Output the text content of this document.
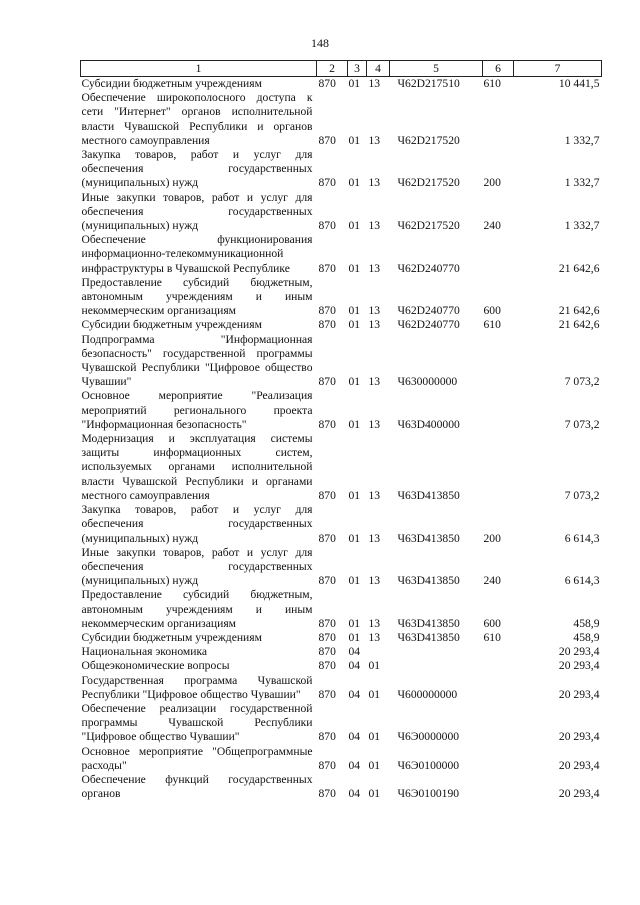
148
1	2	3	4	5	6	7
Субсидии бюджетным учреждениям	870	01	13	Ч62D217510	610	10 441,5
Обеспечение широкополосного доступа к сети "Интернет" органов исполнительной власти Чувашской Республики и органов местного самоуправления	870	01	13	Ч62D217520		1 332,7
Закупка товаров, работ и услуг для обеспечения государственных (муниципальных) нужд	870	01	13	Ч62D217520	200	1 332,7
Иные закупки товаров, работ и услуг для обеспечения государственных (муниципальных) нужд	870	01	13	Ч62D217520	240	1 332,7
Обеспечение функционирования информационно-телекоммуникационной инфраструктуры в Чувашской Республике	870	01	13	Ч62D240770		21 642,6
Предоставление субсидий бюджетным, автономным учреждениям и иным некоммерческим организациям	870	01	13	Ч62D240770	600	21 642,6
Субсидии бюджетным учреждениям	870	01	13	Ч62D240770	610	21 642,6
Подпрограмма "Информационная безопасность" государственной программы Чувашской Республики "Цифровое общество Чувашии"	870	01	13	Ч630000000		7 073,2
Основное мероприятие "Реализация мероприятий регионального проекта "Информационная безопасность"	870	01	13	Ч63D400000		7 073,2
Модернизация и эксплуатация системы защиты информационных систем, используемых органами исполнительной власти Чувашской Республики и органами местного самоуправления	870	01	13	Ч63D413850		7 073,2
Закупка товаров, работ и услуг для обеспечения государственных (муниципальных) нужд	870	01	13	Ч63D413850	200	6 614,3
Иные закупки товаров, работ и услуг для обеспечения государственных (муниципальных) нужд	870	01	13	Ч63D413850	240	6 614,3
Предоставление субсидий бюджетным, автономным учреждениям и иным некоммерческим организациям	870	01	13	Ч63D413850	600	458,9
Субсидии бюджетным учреждениям	870	01	13	Ч63D413850	610	458,9
Национальная экономика	870	04				20 293,4
Общеэкономические вопросы	870	04	01			20 293,4
Государственная программа Чувашской Республики "Цифровое общество Чувашии"	870	04	01	Ч600000000		20 293,4
Обеспечение реализации государственной программы Чувашской Республики "Цифровое общество Чувашии"	870	04	01	Ч6Э0000000		20 293,4
Основное мероприятие "Общепрограммные расходы"	870	04	01	Ч6Э0100000		20 293,4
Обеспечение функций государственных органов	870	04	01	Ч6Э0100190		20 293,4
